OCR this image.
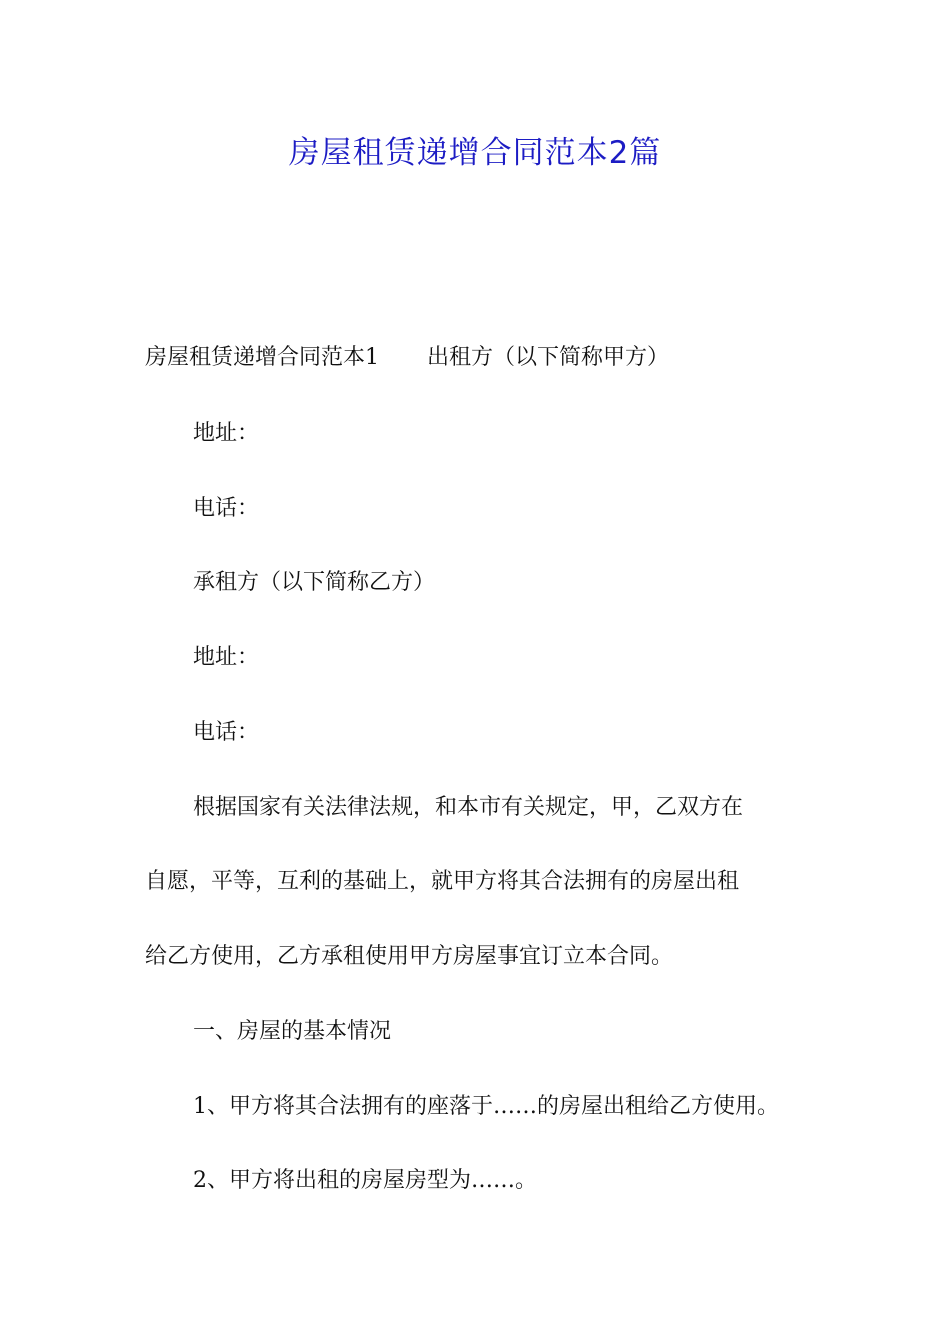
房屋租赁递增合同范本2篇

房屋租赁递增合同范本1 出租方（以下简称甲方）

地址：

电话：

承租方（以下简称乙方）

地址：

电话：

根据国家有关法律法规，和本市有关规定，甲，乙双方在

自愿，平等，互利的基础上，就甲方将其合法拥有的房屋出租

给乙方使用，乙方承租使用甲方房屋事宜订立本合同。

一、房屋的基本情况

1、甲方将其合法拥有的座落于……的房屋出租给乙方使用。

2、甲方将出租的房屋房型为……。
